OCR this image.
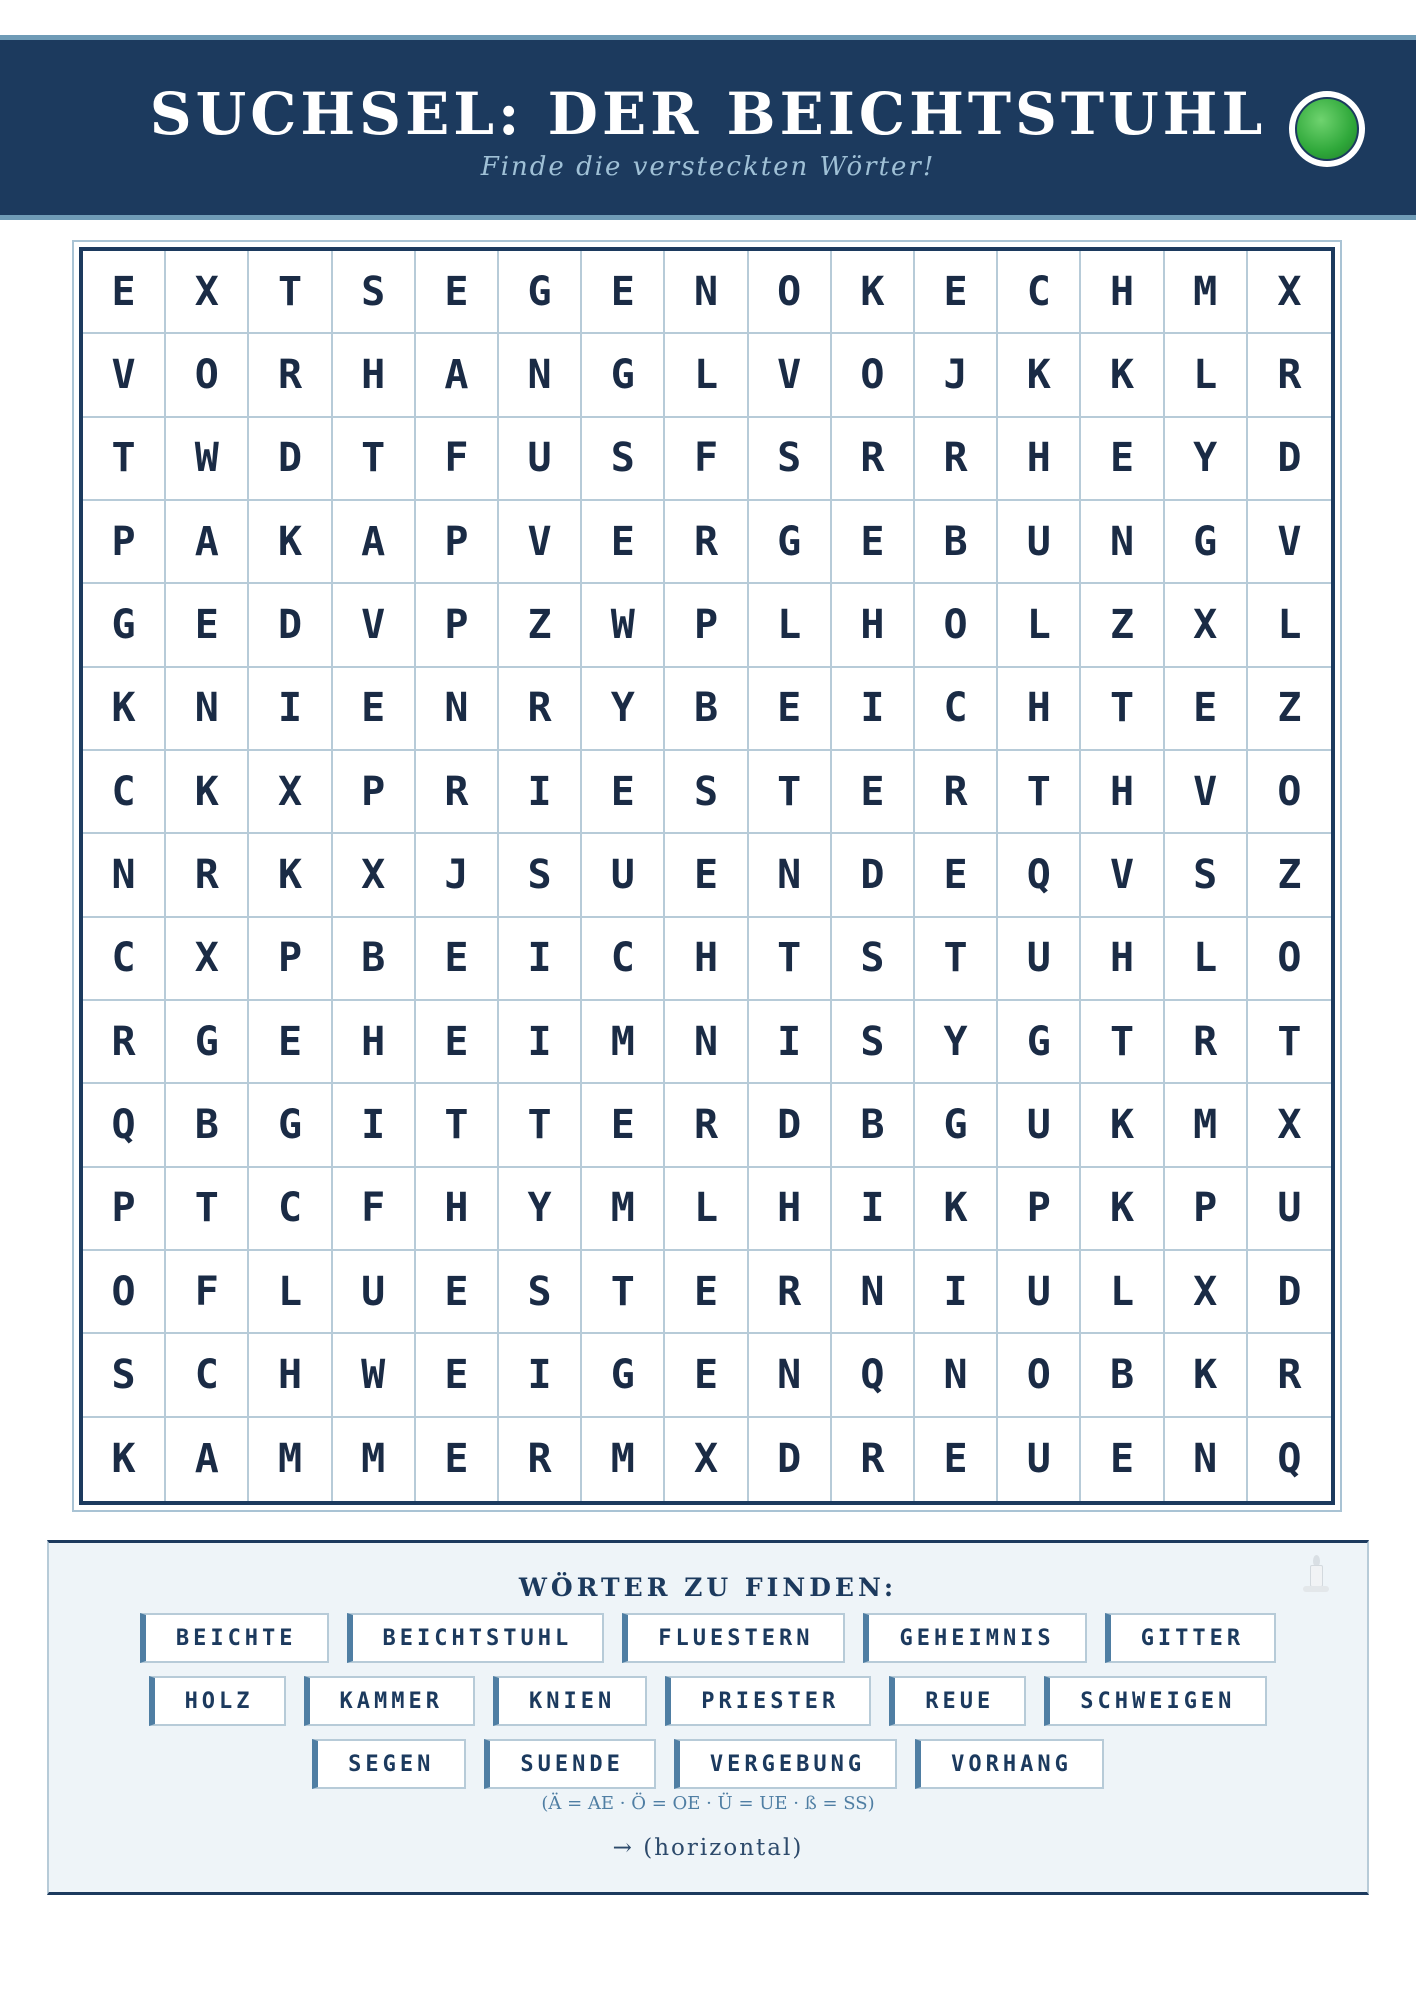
SUCHSEL: DER BEICHTSTUHL
Finde die versteckten Wörter!
E	X	T	S	E	G	E	N	O	K	E	C	H	M	X
V	O	R	H	A	N	G	L	V	O	J	K	K	L	R
T	W	D	T	F	U	S	F	S	R	R	H	E	Y	D
P	A	K	A	P	V	E	R	G	E	B	U	N	G	V
G	E	D	V	P	Z	W	P	L	H	O	L	Z	X	L
K	N	I	E	N	R	Y	B	E	I	C	H	T	E	Z
C	K	X	P	R	I	E	S	T	E	R	T	H	V	O
N	R	K	X	J	S	U	E	N	D	E	Q	V	S	Z
C	X	P	B	E	I	C	H	T	S	T	U	H	L	O
R	G	E	H	E	I	M	N	I	S	Y	G	T	R	T
Q	B	G	I	T	T	E	R	D	B	G	U	K	M	X
P	T	C	F	H	Y	M	L	H	I	K	P	K	P	U
O	F	L	U	E	S	T	E	R	N	I	U	L	X	D
S	C	H	W	E	I	G	E	N	Q	N	O	B	K	R
K	A	M	M	E	R	M	X	D	R	E	U	E	N	Q
WÖRTER ZU FINDEN:
BEICHTE	BEICHTSTUHL	FLUESTERN	GEHEIMNIS	GITTER
HOLZ	KAMMER	KNIEN	PRIESTER	REUE	SCHWEIGEN
SEGEN	SUENDE	VERGEBUNG	VORHANG
(Ä = AE · Ö = OE · Ü = UE · ß = SS)
→ (horizontal)
